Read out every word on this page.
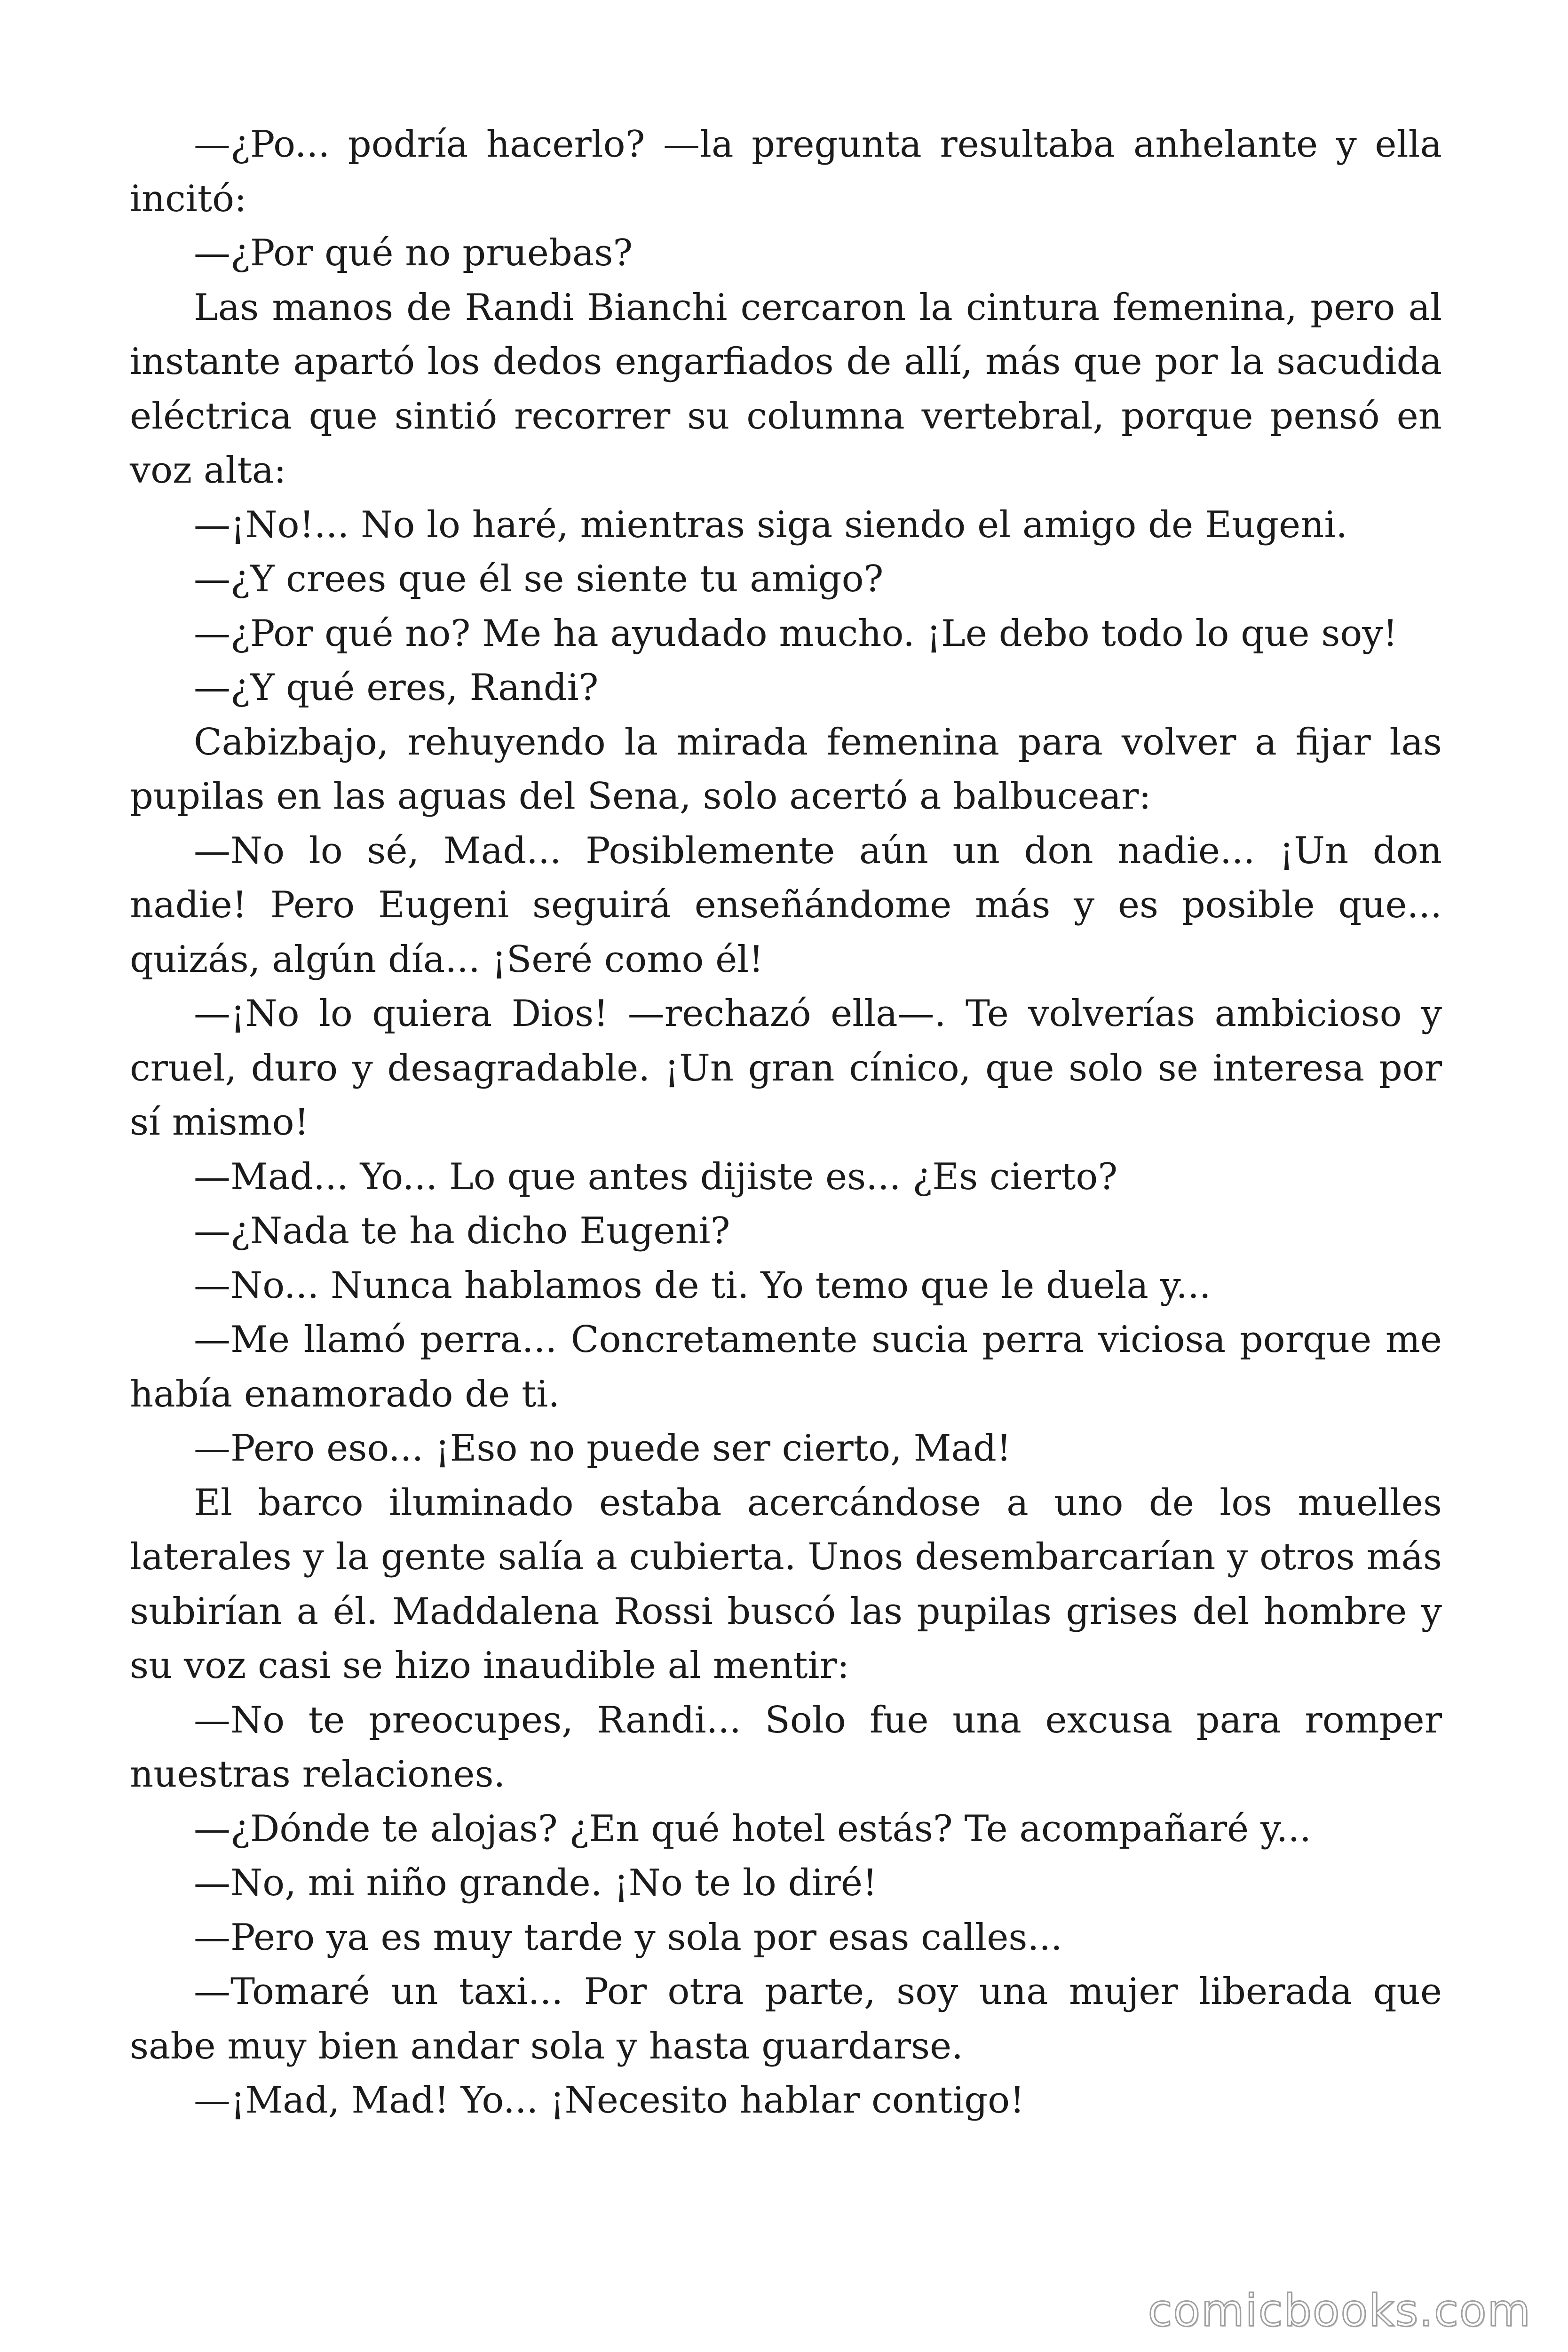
—¿Po... podría hacerlo? —la pregunta resultaba anhelante y ella incitó:

—¿Por qué no pruebas?

Las manos de Randi Bianchi cercaron la cintura femenina, pero al instante apartó los dedos engarfiados de allí, más que por la sacudida eléctrica que sintió recorrer su columna vertebral, porque pensó en voz alta:

—¡No!... No lo haré, mientras siga siendo el amigo de Eugeni.

—¿Y crees que él se siente tu amigo?

—¿Por qué no? Me ha ayudado mucho. ¡Le debo todo lo que soy!

—¿Y qué eres, Randi?

Cabizbajo, rehuyendo la mirada femenina para volver a fijar las pupilas en las aguas del Sena, solo acertó a balbucear:

—No lo sé, Mad... Posiblemente aún un don nadie... ¡Un don nadie! Pero Eugeni seguirá enseñándome más y es posible que... quizás, algún día... ¡Seré como él!

—¡No lo quiera Dios! —rechazó ella—. Te volverías ambicioso y cruel, duro y desagradable. ¡Un gran cínico, que solo se interesa por sí mismo!

—Mad... Yo... Lo que antes dijiste es... ¿Es cierto?

—¿Nada te ha dicho Eugeni?

—No... Nunca hablamos de ti. Yo temo que le duela y...

—Me llamó perra... Concretamente sucia perra viciosa porque me había enamorado de ti.

—Pero eso... ¡Eso no puede ser cierto, Mad!

El barco iluminado estaba acercándose a uno de los muelles laterales y la gente salía a cubierta. Unos desembarcarían y otros más subirían a él. Maddalena Rossi buscó las pupilas grises del hombre y su voz casi se hizo inaudible al mentir:

—No te preocupes, Randi... Solo fue una excusa para romper nuestras relaciones.

—¿Dónde te alojas? ¿En qué hotel estás? Te acompañaré y...

—No, mi niño grande. ¡No te lo diré!

—Pero ya es muy tarde y sola por esas calles...

—Tomaré un taxi... Por otra parte, soy una mujer liberada que sabe muy bien andar sola y hasta guardarse.

—¡Mad, Mad! Yo... ¡Necesito hablar contigo!

comicbooks.com
